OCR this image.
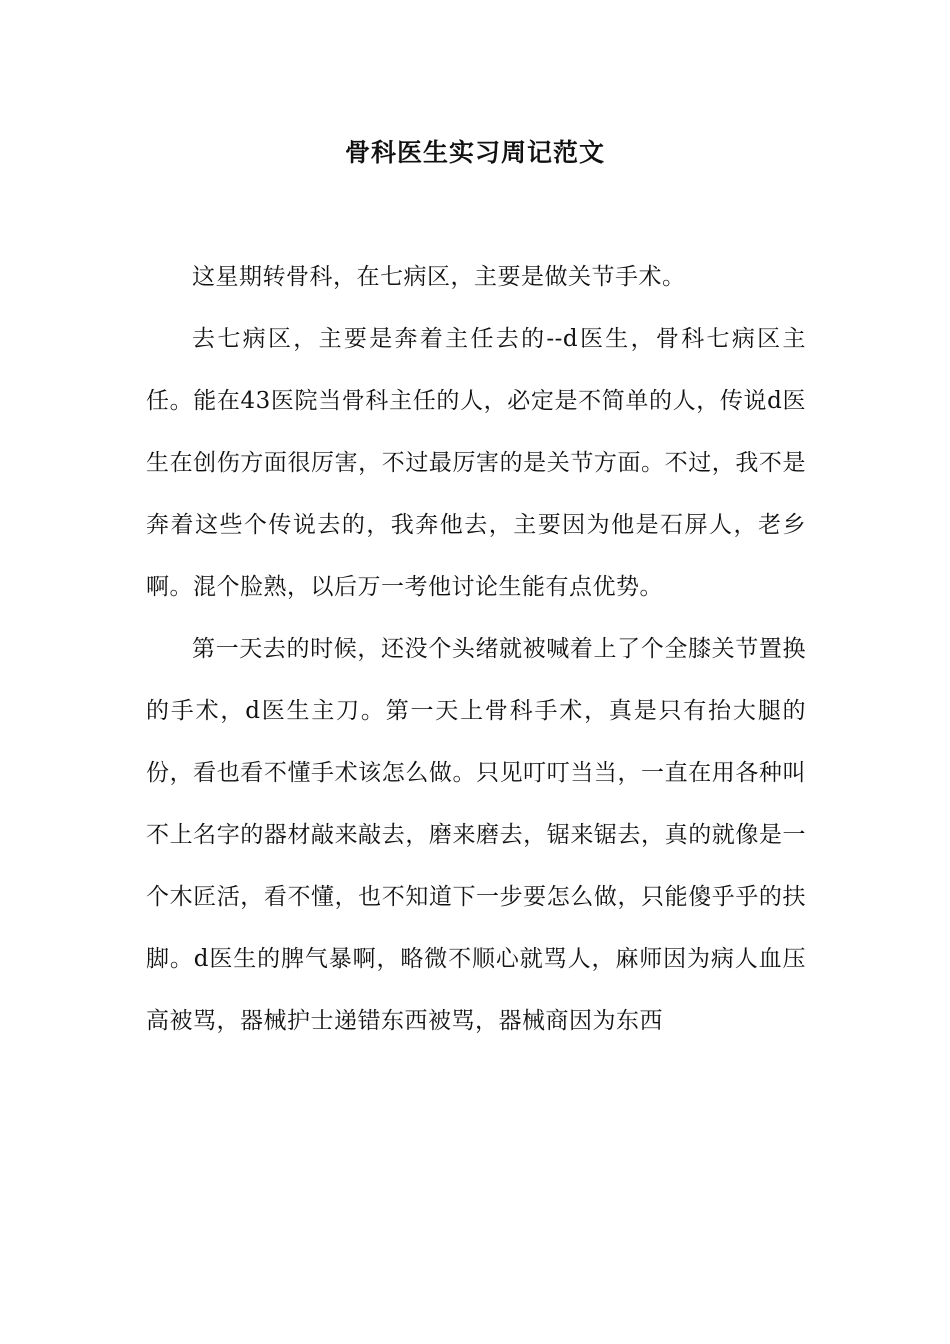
骨科医生实习周记范文

这星期转骨科，在七病区，主要是做关节手术。

去七病区，主要是奔着主任去的--d医生，骨科七病区主任。能在43医院当骨科主任的人，必定是不简单的人，传说d医生在创伤方面很厉害，不过最厉害的是关节方面。不过，我不是奔着这些个传说去的，我奔他去，主要因为他是石屏人，老乡啊。混个脸熟，以后万一考他讨论生能有点优势。

第一天去的时候，还没个头绪就被喊着上了个全膝关节置换的手术，d医生主刀。第一天上骨科手术，真是只有抬大腿的份，看也看不懂手术该怎么做。只见叮叮当当，一直在用各种叫不上名字的器材敲来敲去，磨来磨去，锯来锯去，真的就像是一个木匠活，看不懂，也不知道下一步要怎么做，只能傻乎乎的扶脚。d医生的脾气暴啊，略微不顺心就骂人，麻师因为病人血压高被骂，器械护士递错东西被骂，器械商因为东西
